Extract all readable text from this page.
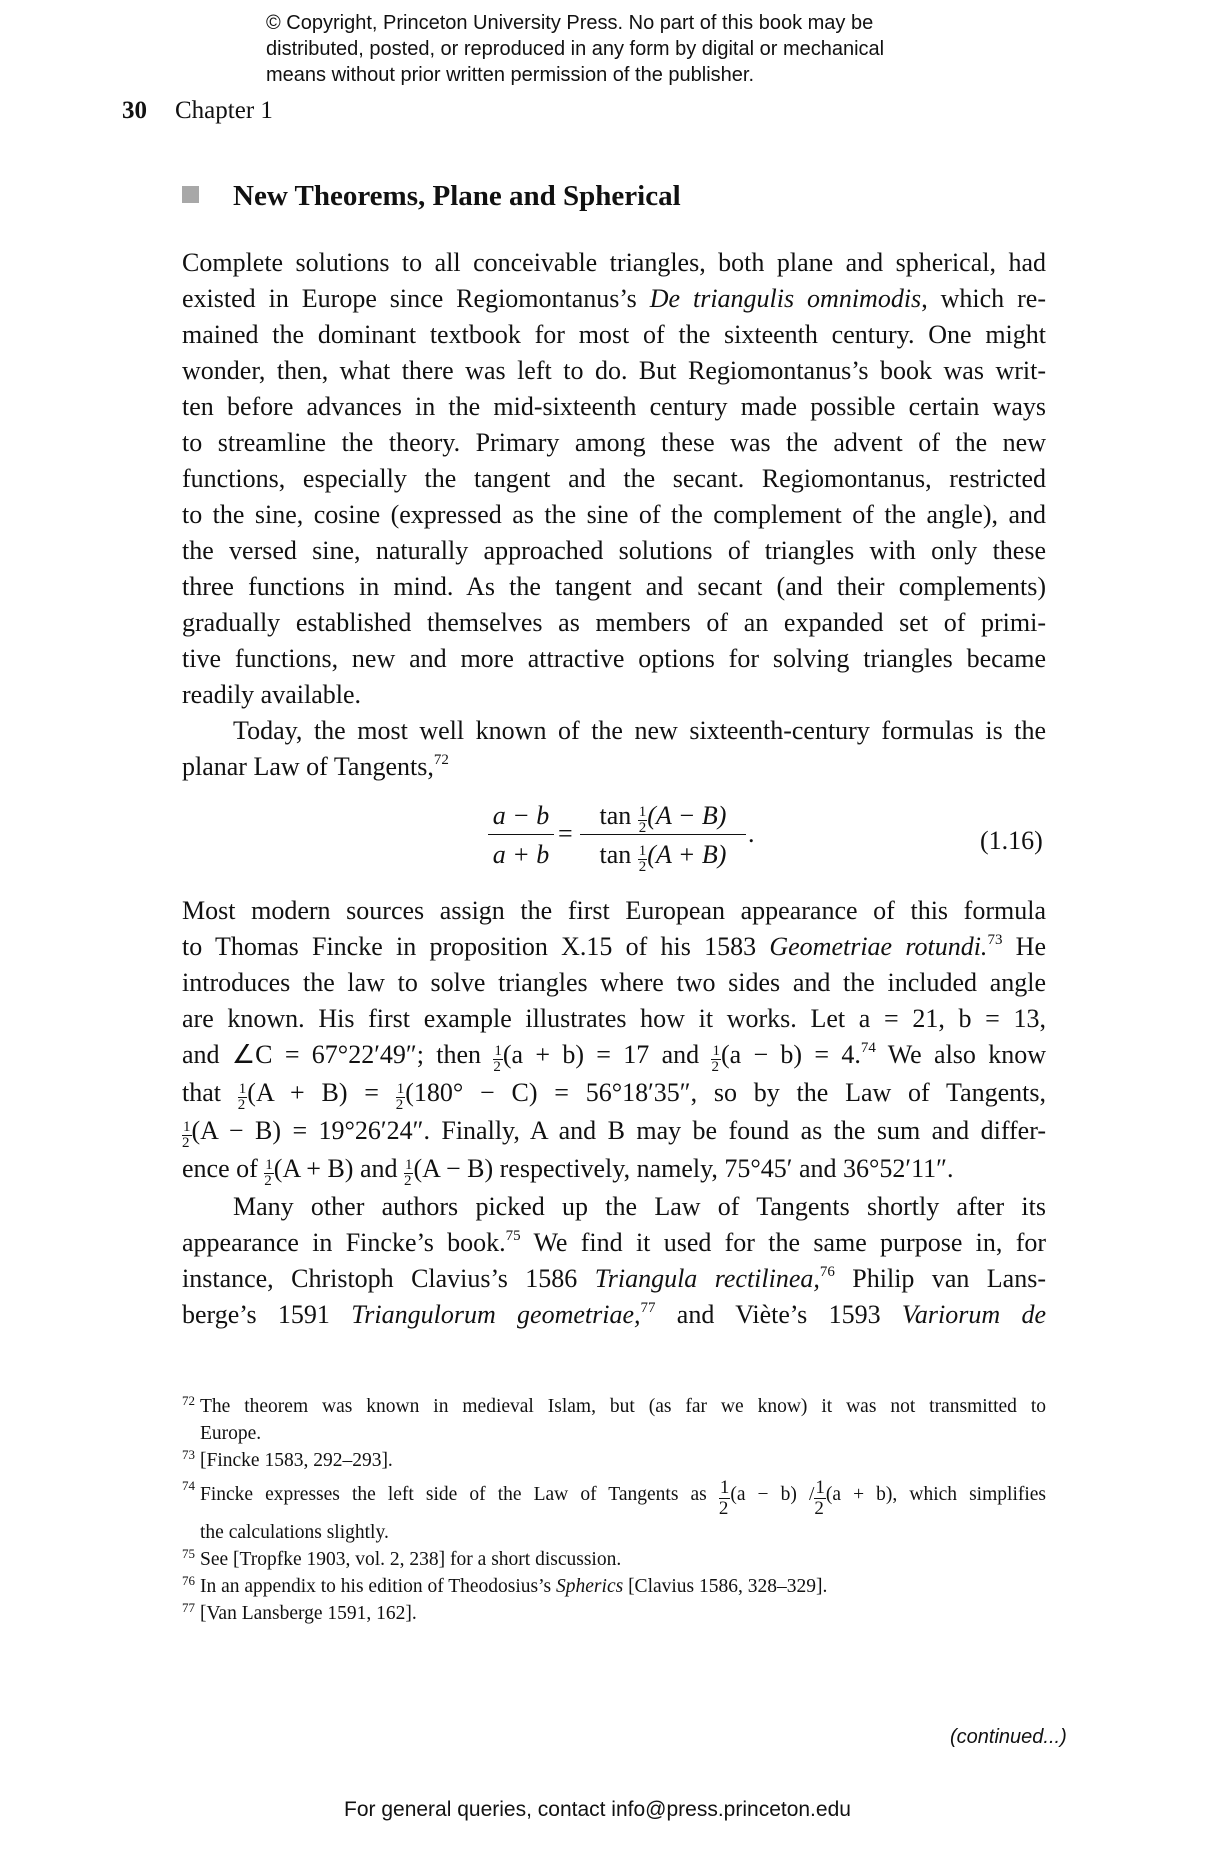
© Copyright, Princeton University Press. No part of this book may be
distributed, posted, or reproduced in any form by digital or mechanical
means without prior written permission of the publisher.
30 Chapter 1
New Theorems, Plane and Spherical
Complete solutions to all conceivable triangles, both plane and spherical, had
existed in Europe since Regiomontanus’s De triangulis omnimodis, which re-
mained the dominant textbook for most of the sixteenth century. One might
wonder, then, what there was left to do. But Regiomontanus’s book was writ-
ten before advances in the mid-sixteenth century made possible certain ways
to streamline the theory. Primary among these was the advent of the new
functions, especially the tangent and the secant. Regiomontanus, restricted
to the sine, cosine (expressed as the sine of the complement of the angle), and
the versed sine, naturally approached solutions of triangles with only these
three functions in mind. As the tangent and secant (and their complements)
gradually established themselves as members of an expanded set of primi-
tive functions, new and more attractive options for solving triangles became
readily available.
Today, the most well known of the new sixteenth-century formulas is the
planar Law of Tangents,$^{72}$
$\frac{a - b}{a + b} = \frac{\tan \frac{1}{2} (A - B)}{\tan \frac{1}{2} (A + B)}$ .	(1.16)
Most modern sources assign the first European appearance of this formula
to Thomas Fincke in proposition X.15 of his 1583 Geometriae rotundi.$^{73}$ He
introduces the law to solve triangles where two sides and the included angle
are known. His first example illustrates how it works. Let a = 21, b = 13,
and ∠C = 67°22′49″; then $\frac{1}{2} (a + b) = 17$ and $\frac{1}{2} (a - b) = 4.74$ We also know
that $\frac{1}{2} (A + B) = \frac{1}{2} (180^\circ - C) = 56^\circ 18'35''$, so by the Law of Tangents,
$\frac{1}{2} (A - B) = 19^\circ 26'24''$. Finally, A and B may be found as the sum and differ-
ence of $\frac{1}{2} (A + B)$ and $\frac{1}{2} (A - B)$ respectively, namely, 75°45′ and 36°52′11″.
Many other authors picked up the Law of Tangents shortly after its
appearance in Fincke’s book.$^{75}$ We find it used for the same purpose in, for
instance, Christoph Clavius’s 1586 Triangula rectilinea,$^{76}$ Philip van Lans-
berge’s 1591 Triangulorum geometriae,$^{77}$ and Viète’s 1593 Variorum de
72 The theorem was known in medieval Islam, but (as far we know) it was not transmitted to
Europe.
73 [Fincke 1583, 292–293].
74 Fincke expresses the left side of the Law of Tangents as $\frac{1}{2} (a - b) / \frac{1}{2} (a + b)$, which simplifies
the calculations slightly.
75 See [Tropfke 1903, vol. 2, 238] for a short discussion.
76 In an appendix to his edition of Theodosius’s Spherics [Clavius 1586, 328–329].
77 [Van Lansberge 1591, 162].
(continued...)
For general queries, contact info@press.princeton.edu
